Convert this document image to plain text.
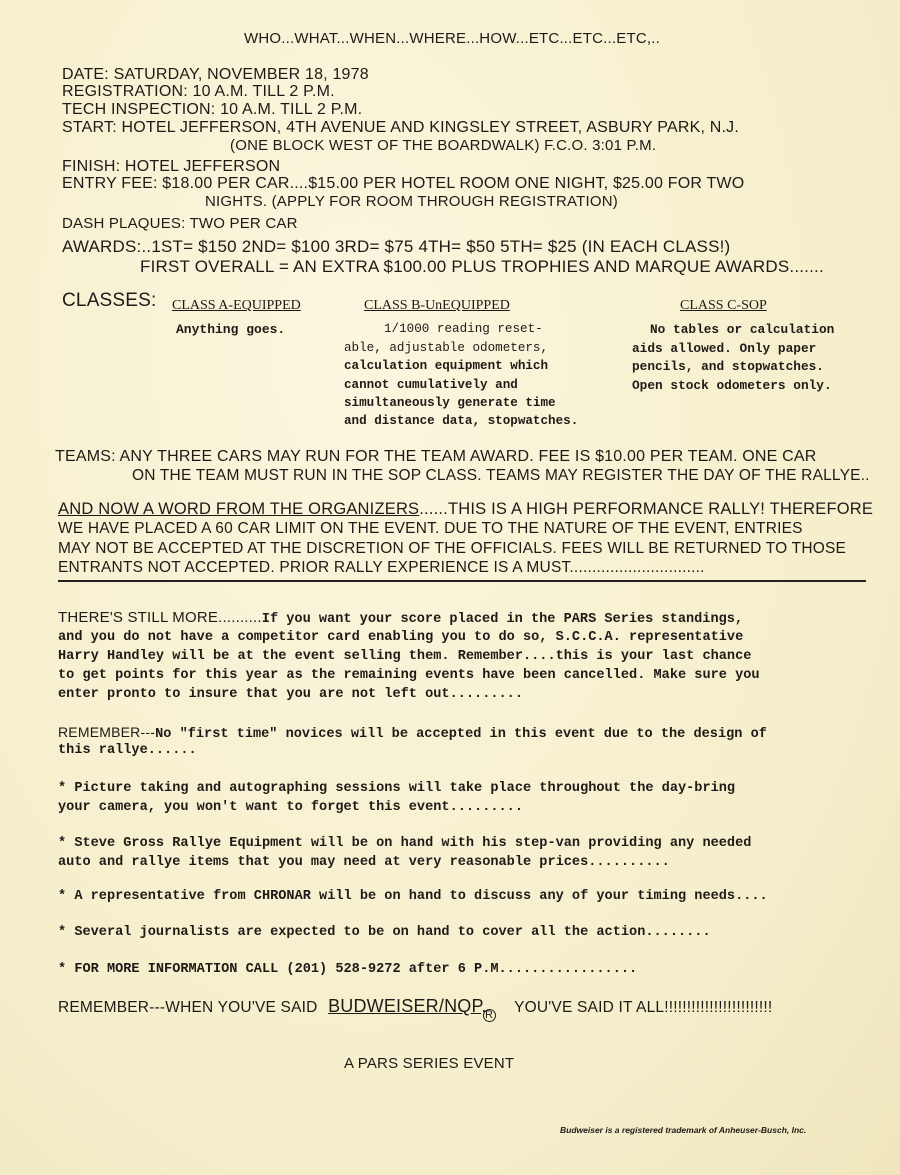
WHO...WHAT...WHEN...WHERE...HOW...ETC...ETC...ETC,..
DATE: SATURDAY, NOVEMBER 18, 1978
REGISTRATION: 10 A.M. TILL 2 P.M.
TECH INSPECTION: 10 A.M. TILL 2 P.M.
START: HOTEL JEFFERSON, 4TH AVENUE AND KINGSLEY STREET, ASBURY PARK, N.J.
(ONE BLOCK WEST OF THE BOARDWALK) F.C.O. 3:01 P.M.
FINISH: HOTEL JEFFERSON
ENTRY FEE: $18.00 PER CAR....$15.00 PER HOTEL ROOM ONE NIGHT, $25.00 FOR TWO
NIGHTS. (APPLY FOR ROOM THROUGH REGISTRATION)
DASH PLAQUES: TWO PER CAR
AWARDS:..1ST= $150 2ND= $100 3RD= $75 4TH= $50 5TH= $25 (IN EACH CLASS!)
FIRST OVERALL = AN EXTRA $100.00 PLUS TROPHIES AND MARQUE AWARDS.......
CLASSES: CLASS A-EQUIPPED
Anything goes.
CLASS B-UnEQUIPPED
1/1000 reading reset-
able, adjustable odometers,
calculation equipment which
cannot cumulatively and
simultaneously generate time
and distance data, stopwatches.
CLASS C-SOP
No tables or calculation
aids allowed. Only paper
pencils, and stopwatches.
Open stock odometers only.
TEAMS: ANY THREE CARS MAY RUN FOR THE TEAM AWARD. FEE IS $10.00 PER TEAM. ONE CAR
ON THE TEAM MUST RUN IN THE SOP CLASS. TEAMS MAY REGISTER THE DAY OF THE RALLYE..
AND NOW A WORD FROM THE ORGANIZERS......THIS IS A HIGH PERFORMANCE RALLY! THEREFORE
WE HAVE PLACED A 60 CAR LIMIT ON THE EVENT. DUE TO THE NATURE OF THE EVENT, ENTRIES
MAY NOT BE ACCEPTED AT THE DISCRETION OF THE OFFICIALS. FEES WILL BE RETURNED TO THOSE
ENTRANTS NOT ACCEPTED. PRIOR RALLY EXPERIENCE IS A MUST..............................
THERE'S STILL MORE..........If you want your score placed in the PARS Series standings,
and you do not have a competitor card enabling you to do so, S.C.C.A. representative
Harry Handley will be at the event selling them. Remember....this is your last chance
to get points for this year as the remaining events have been cancelled. Make sure you
enter pronto to insure that you are not left out.........
REMEMBER---No "first time" novices will be accepted in this event due to the design of
this rallye......
* Picture taking and autographing sessions will take place throughout the day-bring
your camera, you won't want to forget this event.........
* Steve Gross Rallye Equipment will be on hand with his step-van providing any needed
auto and rallye items that you may need at very reasonable prices..........
* A representative from CHRONAR will be on hand to discuss any of your timing needs....
* Several journalists are expected to be on hand to cover all the action........
* FOR MORE INFORMATION CALL (201) 528-9272 after 6 P.M.................
REMEMBER---WHEN YOU'VE SAID BUDWEISER/NQP,R YOU'VE SAID IT ALL!!!!!!!!!!!!!!!!!!!!!!!!
A PARS SERIES EVENT
Budweiser is a registered trademark of Anheuser-Busch, Inc.
